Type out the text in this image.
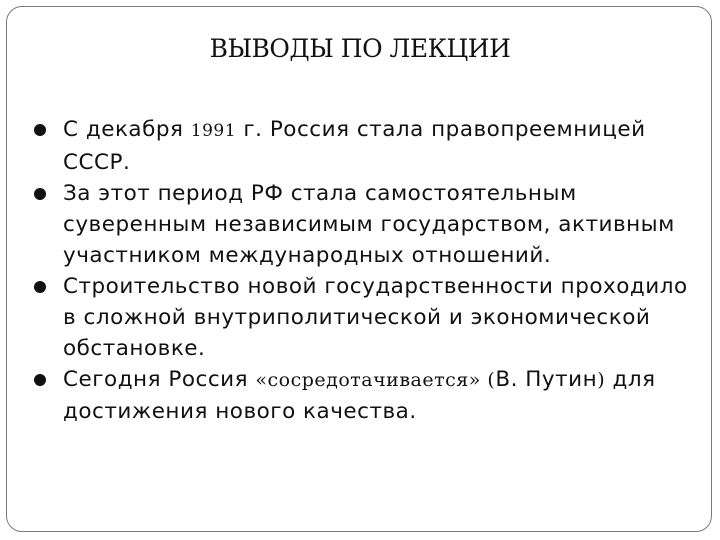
ВЫВОДЫ ПО ЛЕКЦИИ
С декабря 1991 г. Россия стала правопреемницей СССР.
За этот период РФ стала самостоятельным суверенным независимым государством, активным участником международных отношений.
Строительство новой государственности проходило в сложной внутриполитической и экономической обстановке.
Сегодня Россия «сосредотачивается» (В. Путин) для достижения нового качества.
